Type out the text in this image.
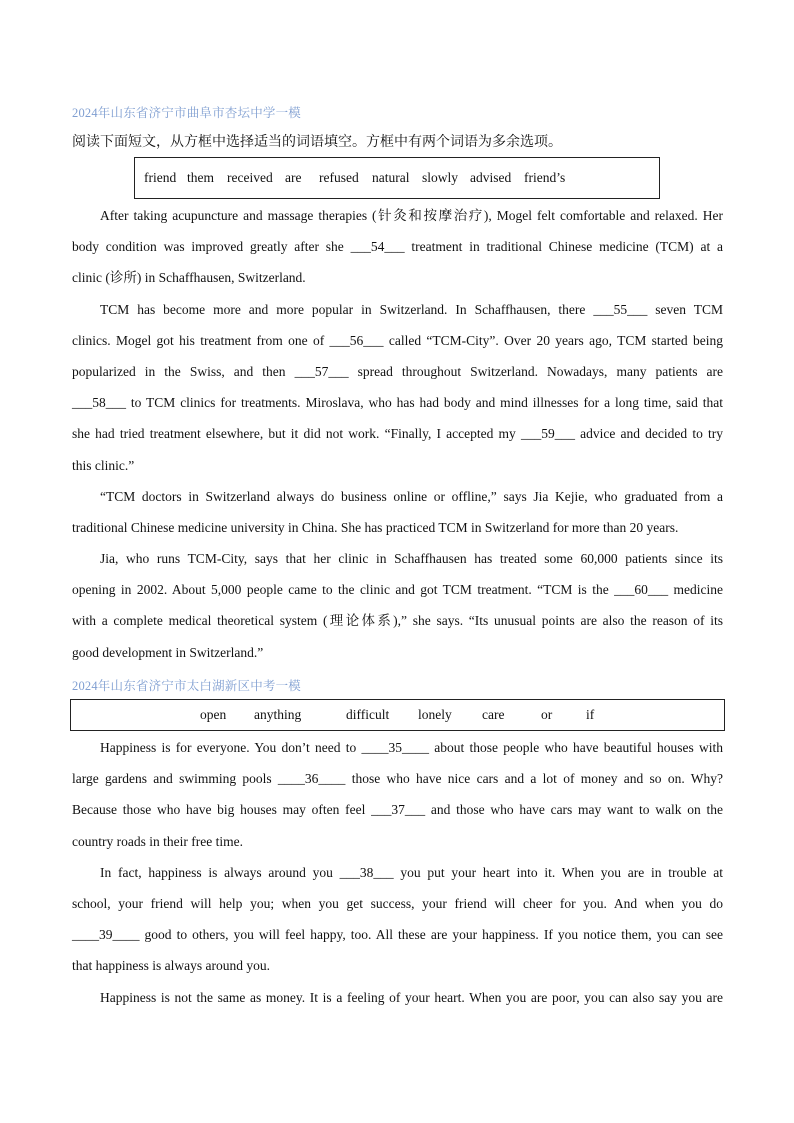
2024年山东省济宁市曲阜市杏坛中学一模
阅读下面短文，从方框中选择适当的词语填空。方框中有两个词语为多余选项。
friend them received are refused natural slowly advised friend’s
After taking acupuncture and massage therapies (针灸和按摩治疗), Mogel felt comfortable and relaxed. Her
body condition was improved greatly after she ___54___ treatment in traditional Chinese medicine (TCM) at a
clinic (诊所) in Schaffhausen, Switzerland.
TCM has become more and more popular in Switzerland. In Schaffhausen, there ___55___ seven TCM
clinics. Mogel got his treatment from one of ___56___ called “TCM-City”. Over 20 years ago, TCM started being
popularized in the Swiss, and then ___57___ spread throughout Switzerland. Nowadays, many patients are
___58___ to TCM clinics for treatments. Miroslava, who has had body and mind illnesses for a long time, said that
she had tried treatment elsewhere, but it did not work. “Finally, I accepted my ___59___ advice and decided to try
this clinic.”
“TCM doctors in Switzerland always do business online or offline,” says Jia Kejie, who graduated from a
traditional Chinese medicine university in China. She has practiced TCM in Switzerland for more than 20 years.
Jia, who runs TCM-City, says that her clinic in Schaffhausen has treated some 60,000 patients since its
opening in 2002. About 5,000 people came to the clinic and got TCM treatment. “TCM is the ___60___ medicine
with a complete medical theoretical system (理论体系),” she says. “Its unusual points are also the reason of its
good development in Switzerland.”
2024年山东省济宁市太白湖新区中考一模
open anything	difficult lonely care	or	if
Happiness is for everyone. You don’t need to ____35____ about those people who have beautiful houses with
large gardens and swimming pools ____36____ those who have nice cars and a lot of money and so on. Why?
Because those who have big houses may often feel ___37___ and those who have cars may want to walk on the
country roads in their free time.
In fact, happiness is always around you ___38___ you put your heart into it. When you are in trouble at
school, your friend will help you; when you get success, your friend will cheer for you. And when you do
____39____ good to others, you will feel happy, too. All these are your happiness. If you notice them, you can see
that happiness is always around you.
Happiness is not the same as money. It is a feeling of your heart. When you are poor, you can also say you are
